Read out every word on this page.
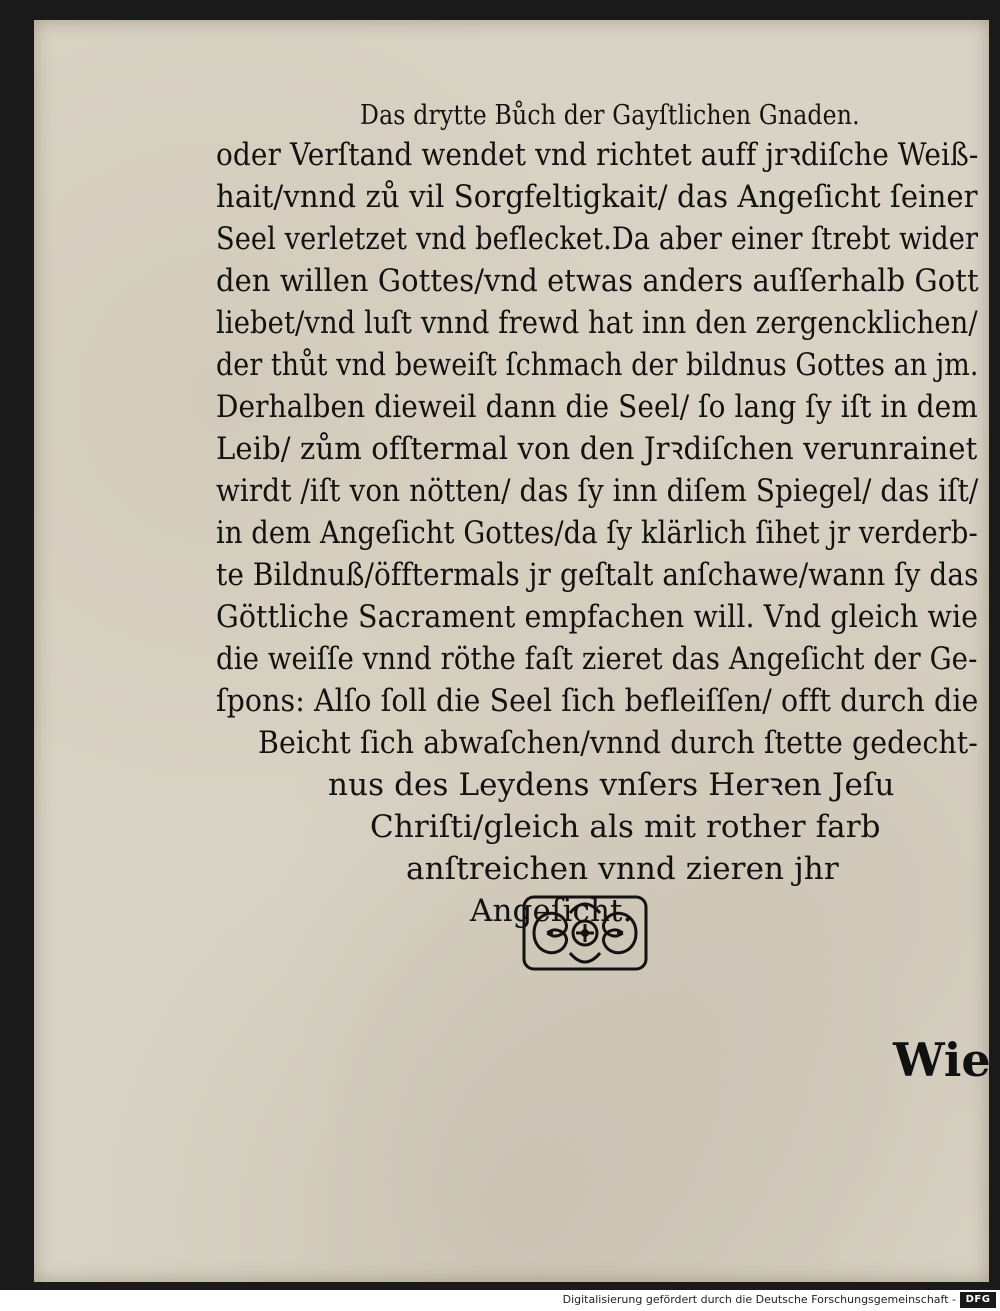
Das drytte Bůch der Gayſtlichen Gnaden.
oder Verſtand wendet vnd richtet auff jrꝛdiſche Weiß-
hait/vnnd zů vil Sorgfeltigkait/ das Angeſicht ſeiner
Seel verletzet vnd beflecket.Da aber einer ſtrebt wider
den willen Gottes/vnd etwas anders auſſerhalb Gott
liebet/vnd luſt vnnd frewd hat inn den zergencklichen/
der thůt vnd beweiſt ſchmach der bildnus Gottes an jm.
Derhalben dieweil dann die Seel/ ſo lang ſy iſt in dem
Leib/ zům ofſtermal von den Jrꝛdiſchen verunrainet
wirdt /iſt von nötten/ das ſy inn diſem Spiegel/ das iſt/
in dem Angeſicht Gottes/da ſy klärlich ſihet jr verderb-
te Bildnuß/öfftermals jr geſtalt anſchawe/wann ſy das
Göttliche Sacrament empfachen will. Vnd gleich wie
die weiſſe vnnd röthe faſt zieret das Angeſicht der Ge-
ſpons: Alſo ſoll die Seel ſich befleiſſen/ offt durch die
Beicht ſich abwaſchen/vnnd durch ſtette gedecht-
nus des Leydens vnſers Herꝛen Jeſu
Chriſti/gleich als mit rother farb
anſtreichen vnnd zieren jhr
Angeſicht.
Wie
Digitalisierung gefördert durch die Deutsche Forschungsgemeinschaft - DFG
